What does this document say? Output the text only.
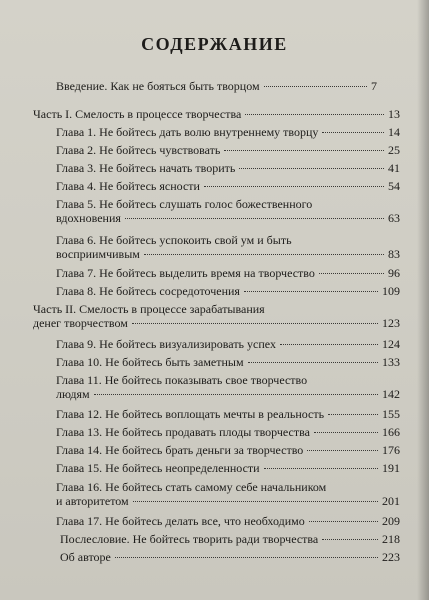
СОДЕРЖАНИЕ
Введение. Как не бояться быть творцом	7
Часть I. Смелость в процессе творчества	13
Глава 1. Не бойтесь дать волю внутреннему творцу	14
Глава 2. Не бойтесь чувствовать	25
Глава 3. Не бойтесь начать творить	41
Глава 4. Не бойтесь ясности	54
Глава 5. Не бойтесь слушать голос божественного
вдохновения	63
Глава 6. Не бойтесь успокоить свой ум и быть
восприимчивым	83
Глава 7. Не бойтесь выделить время на творчество	96
Глава 8. Не бойтесь сосредоточения	109
Часть II. Смелость в процессе зарабатывания
денег творчеством	123
Глава 9. Не бойтесь визуализировать успех	124
Глава 10. Не бойтесь быть заметным	133
Глава 11. Не бойтесь показывать свое творчество
людям	142
Глава 12. Не бойтесь воплощать мечты в реальность	155
Глава 13. Не бойтесь продавать плоды творчества	166
Глава 14. Не бойтесь брать деньги за творчество	176
Глава 15. Не бойтесь неопределенности	191
Глава 16. Не бойтесь стать самому себе начальником
и авторитетом	201
Глава 17. Не бойтесь делать все, что необходимо	209
Послесловие. Не бойтесь творить ради творчества	218
Об авторе	223
